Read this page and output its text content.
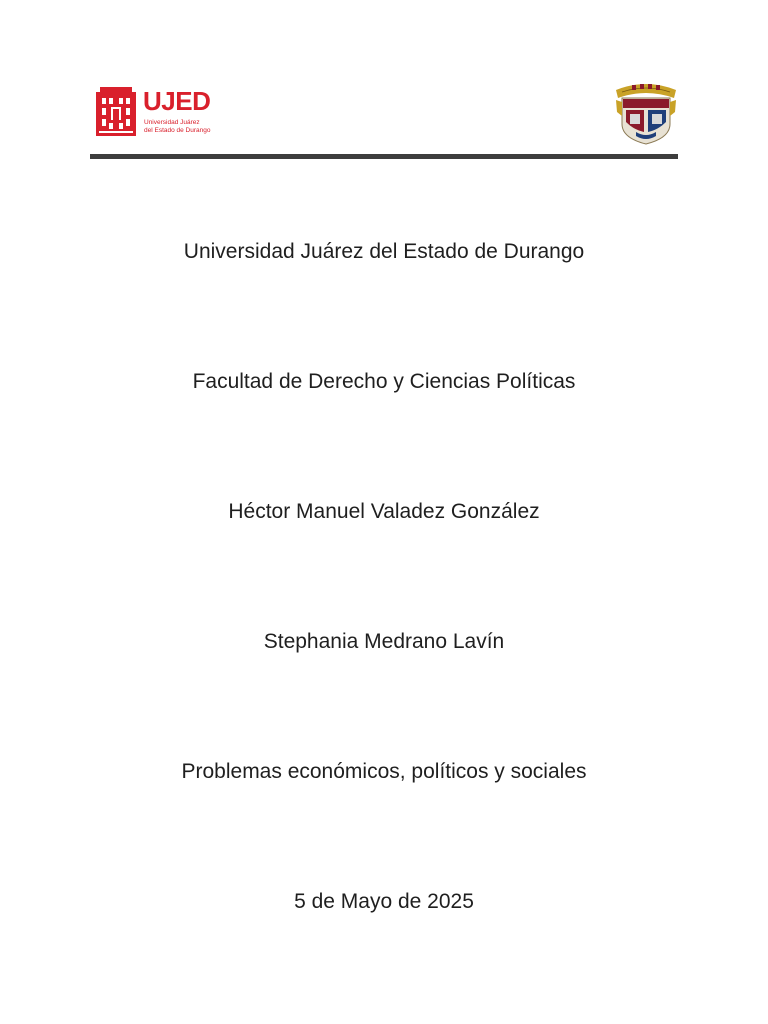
UJED
Universidad Juárez
del Estado de Durango
Universidad Juárez del Estado de Durango
Facultad de Derecho y Ciencias Políticas
Héctor Manuel Valadez González
Stephania Medrano Lavín
Problemas económicos, políticos y sociales
5 de Mayo de 2025
